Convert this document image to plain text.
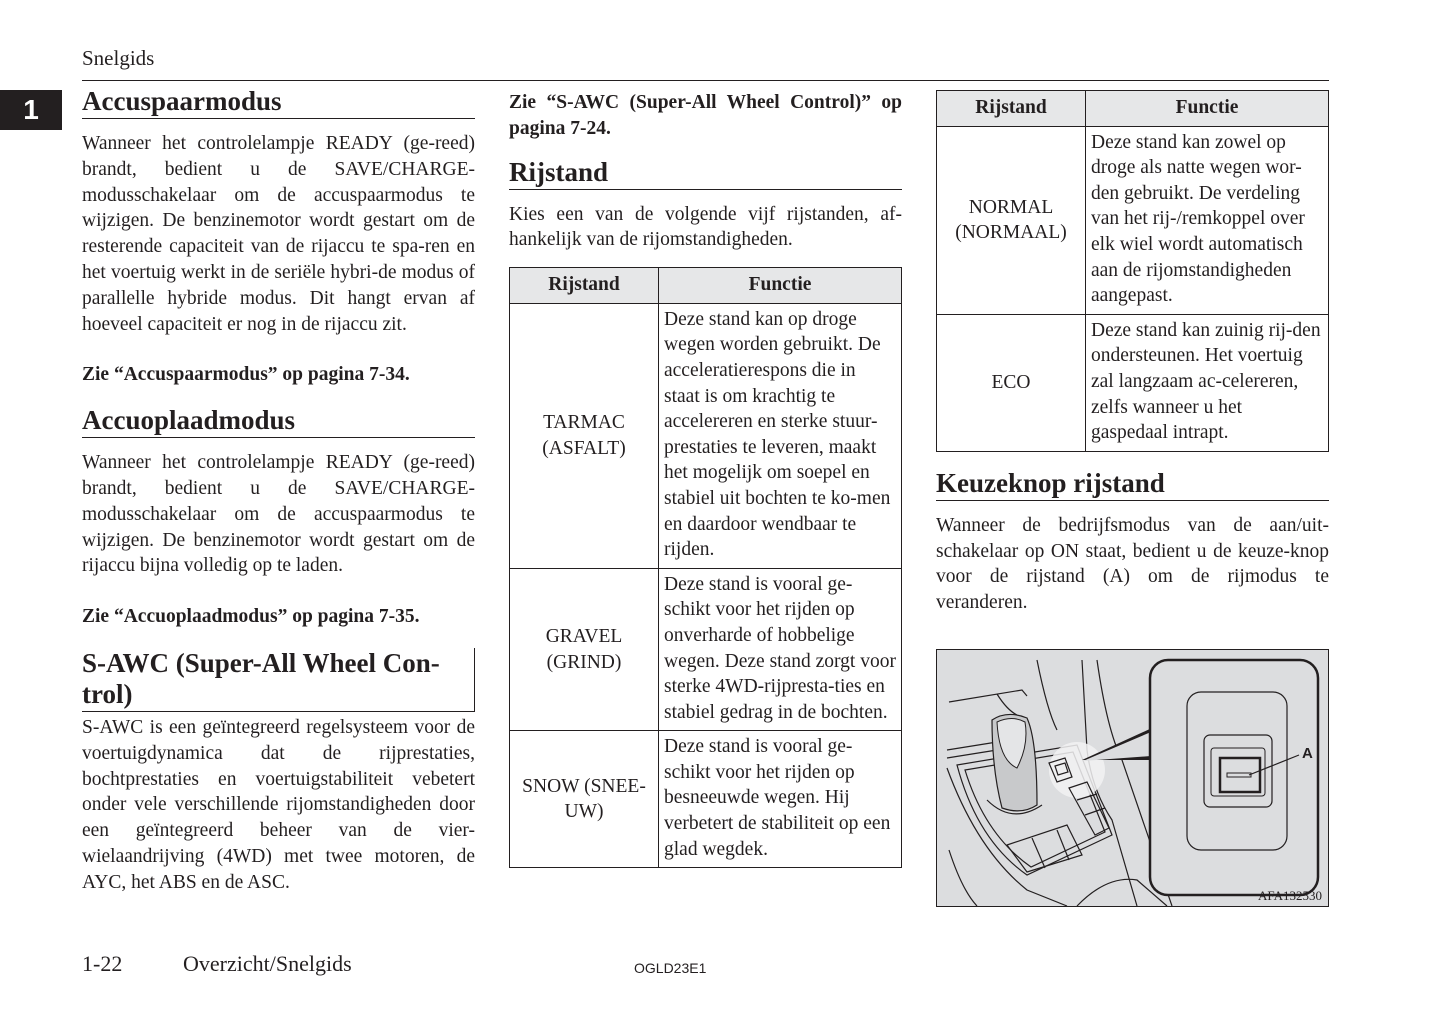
Snelgids
1	Accuspaarmodus

Wanneer het controlelampje READY (ge-reed) brandt, bedient u de SAVE/CHARGE-modusschakelaar om de accuspaarmodus te wijzigen. De benzinemotor wordt gestart om de resterende capaciteit van de rijaccu te spa-ren en het voertuig werkt in de seriële hybri-de modus of parallelle hybride modus. Dit hangt ervan af hoeveel capaciteit er nog in de rijaccu zit.

Zie “Accuspaarmodus” op pagina 7-34.

Accuoplaadmodus

Wanneer het controlelampje READY (ge-reed) brandt, bedient u de SAVE/CHARGE-modusschakelaar om de accuspaarmodus te wijzigen. De benzinemotor wordt gestart om de rijaccu bijna volledig op te laden.

Zie “Accuoplaadmodus” op pagina 7-35.

S-AWC (Super-All Wheel Con-trol)

S-AWC is een geïntegreerd regelsysteem voor de voertuigdynamica dat de rijprestaties, bochtprestaties en voertuigstabiliteit vebetert onder vele verschillende rijomstandigheden door een geïntegreerd beheer van de vier-wielaandrijving (4WD) met twee motoren, de AYC, het ABS en de ASC.

Zie “S-AWC (Super-All Wheel Control)” op pagina 7-24.

Rijstand

Kies een van de volgende vijf rijstanden, af-hankelijk van de rijomstandigheden.

Rijstand	Functie
TARMAC (ASFALT)	Deze stand kan op droge wegen worden gebruikt. De acceleratierespons die in staat is om krachtig te accelereren en sterke stuur-prestaties te leveren, maakt het mogelijk om soepel en stabiel uit bochten te ko-men en daardoor wendbaar te rijden.
GRAVEL (GRIND)	Deze stand is vooral ge-schikt voor het rijden op onverharde of hobbelige wegen. Deze stand zorgt voor sterke 4WD-rijpresta-ties en stabiel gedrag in de bochten.
SNOW (SNEE-UW)	Deze stand is vooral ge-schikt voor het rijden op besneeuwde wegen. Hij verbetert de stabiliteit op een glad wegdek.
Rijstand	Functie
NORMAL (NORMAAL)	Deze stand kan zowel op droge als natte wegen wor-den gebruikt. De verdeling van het rij-/remkoppel over elk wiel wordt automatisch aan de rijomstandigheden aangepast.
ECO	Deze stand kan zuinig rij-den ondersteunen. Het voertuig zal langzaam ac-celereren, zelfs wanneer u het gaspedaal intrapt.
Keuzeknop rijstand

Wanneer de bedrijfsmodus van de aan/uit-schakelaar op ON staat, bedient u de keuze-knop voor de rijstand (A) om de rijmodus te veranderen.

A
AFA132530
1-22	Overzicht/Snelgids	OGLD23E1
